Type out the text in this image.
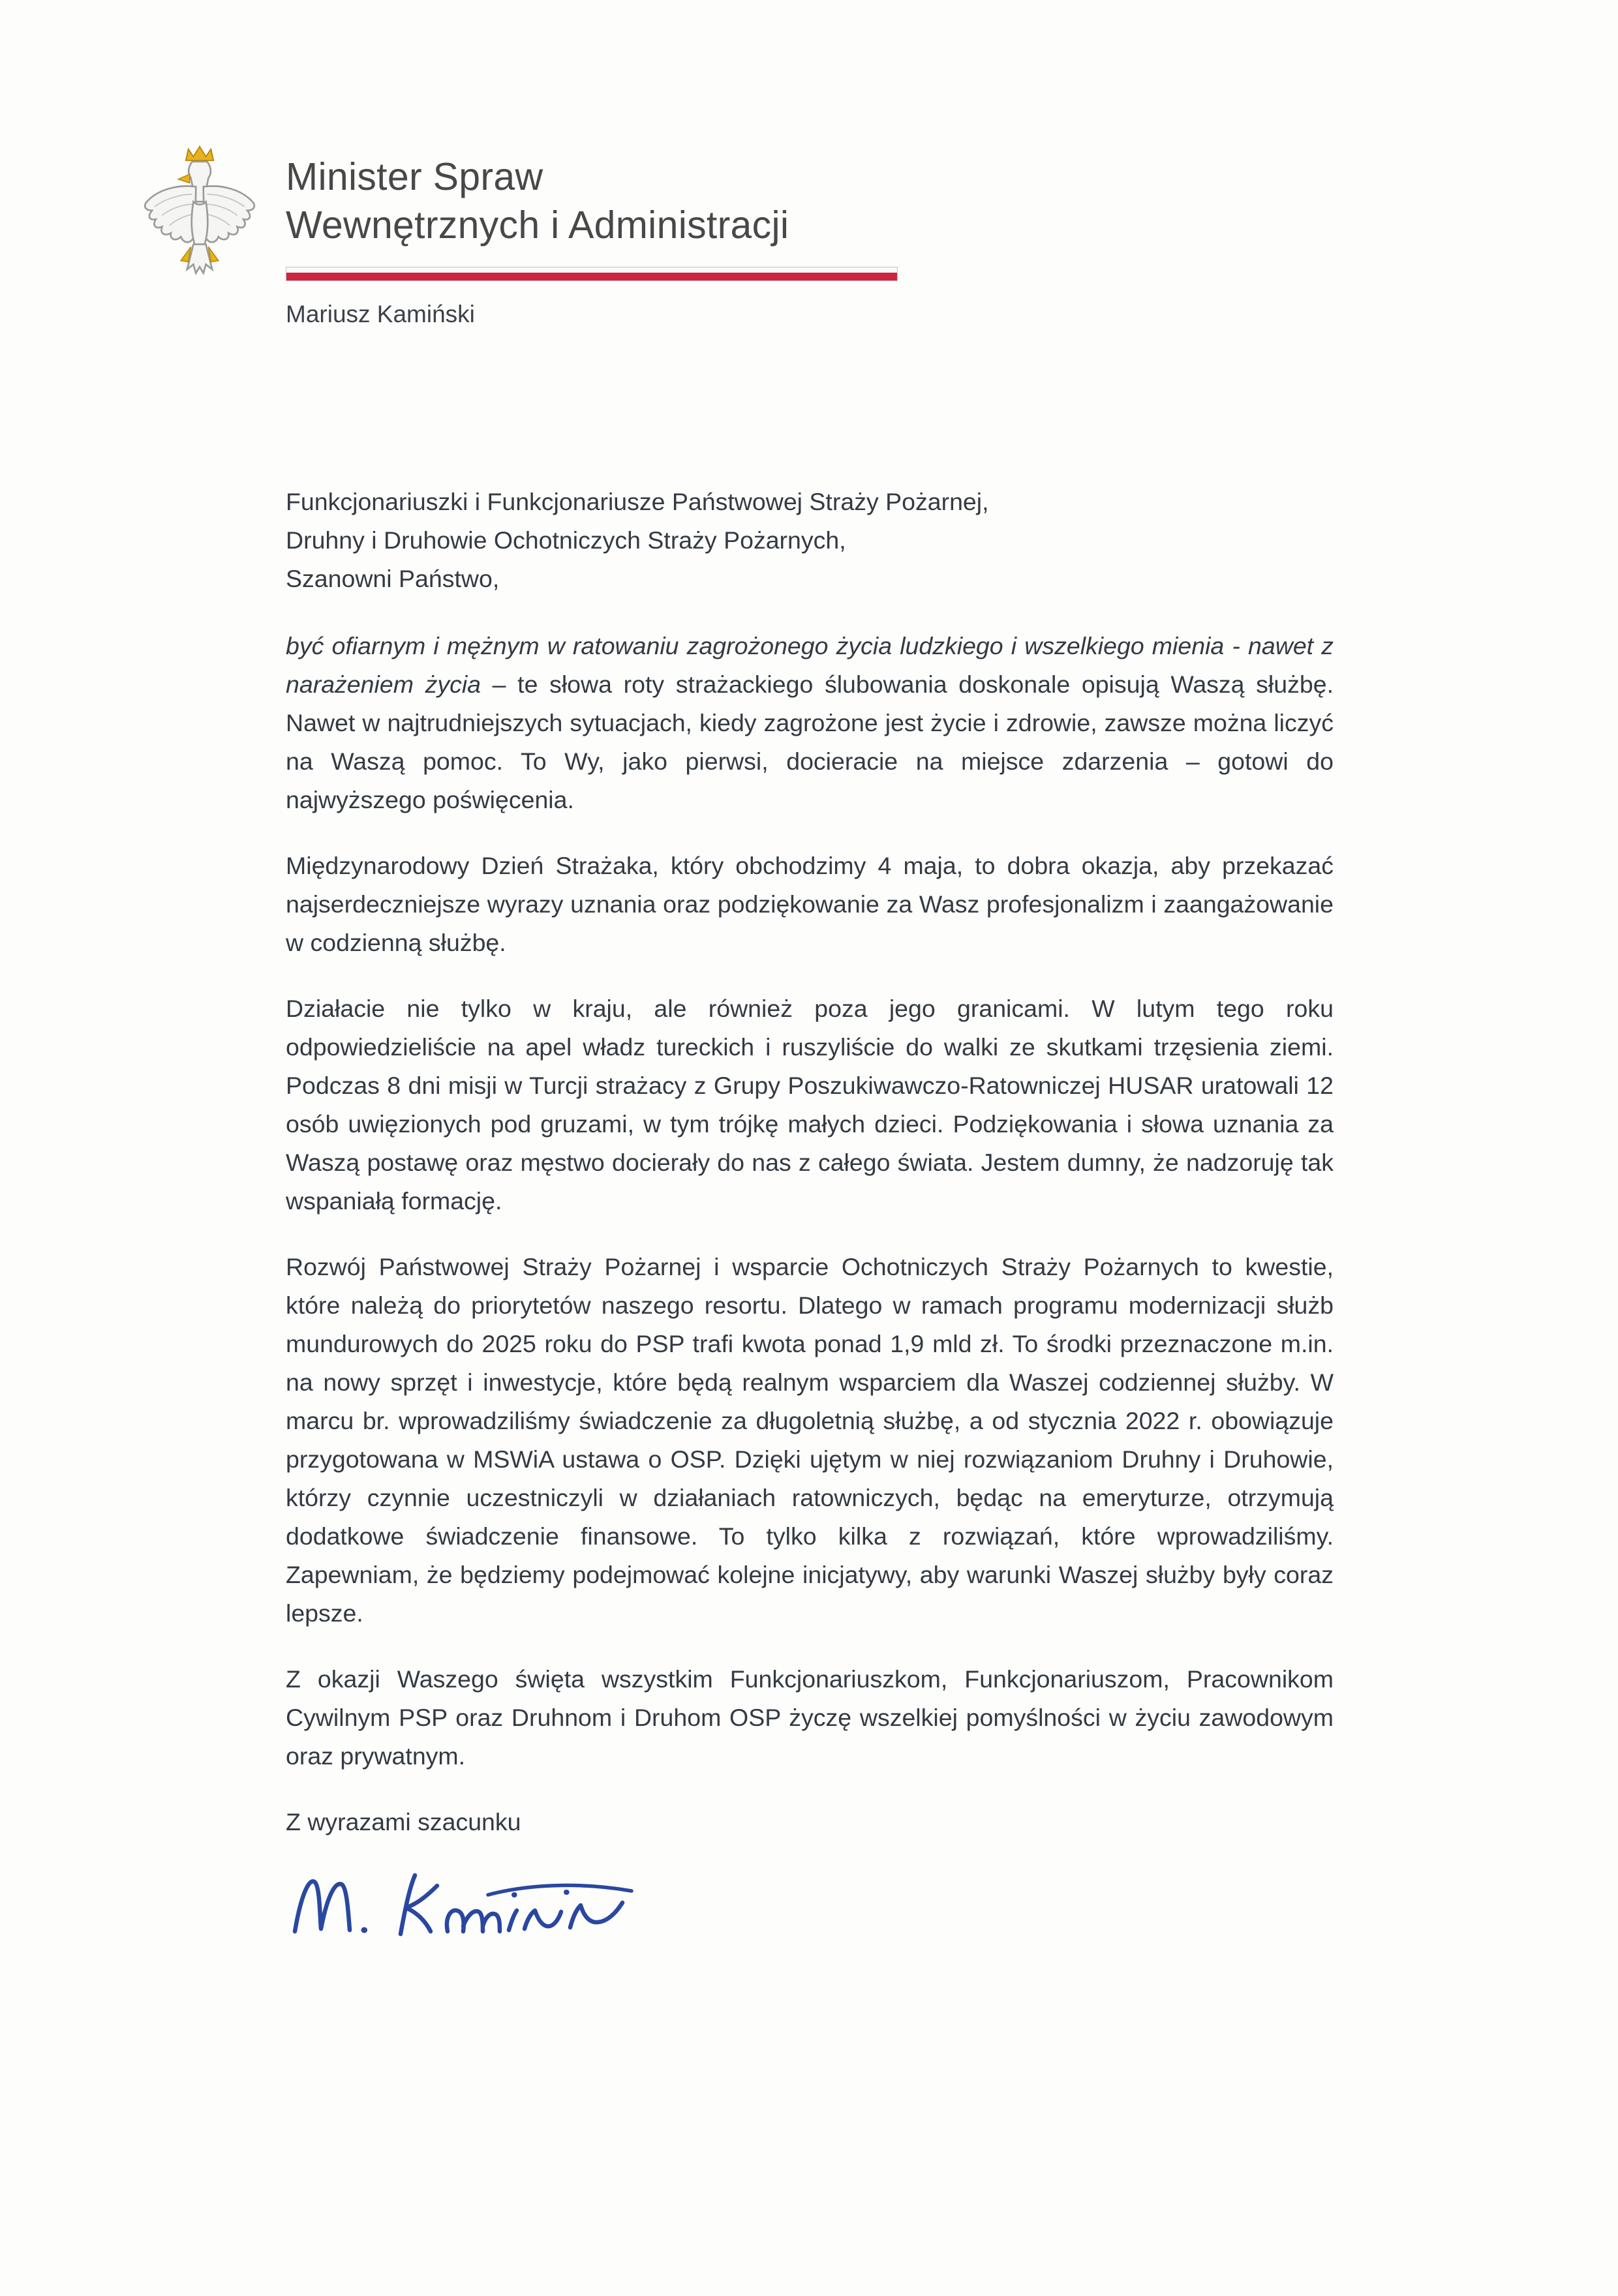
Minister Spraw
Wewnętrznych i Administracji
Mariusz Kamiński

Funkcjonariuszki i Funkcjonariusze Państwowej Straży Pożarnej,

Druhny i Druhowie Ochotniczych Straży Pożarnych,

Szanowni Państwo,

być ofiarnym i mężnym w ratowaniu zagrożonego życia ludzkiego i wszelkiego mienia - nawet z narażeniem życia – te słowa roty strażackiego ślubowania doskonale opisują Waszą służbę. Nawet w najtrudniejszych sytuacjach, kiedy zagrożone jest życie i zdrowie, zawsze można liczyć na Waszą pomoc. To Wy, jako pierwsi, docieracie na miejsce zdarzenia – gotowi do najwyższego poświęcenia.

Międzynarodowy Dzień Strażaka, który obchodzimy 4 maja, to dobra okazja, aby przekazać najserdeczniejsze wyrazy uznania oraz podziękowanie za Wasz profesjonalizm i zaangażowanie w codzienną służbę.

Działacie nie tylko w kraju, ale również poza jego granicami. W lutym tego roku odpowiedzieliście na apel władz tureckich i ruszyliście do walki ze skutkami trzęsienia ziemi. Podczas 8 dni misji w Turcji strażacy z Grupy Poszukiwawczo-Ratowniczej HUSAR uratowali 12 osób uwięzionych pod gruzami, w tym trójkę małych dzieci. Podziękowania i słowa uznania za Waszą postawę oraz męstwo docierały do nas z całego świata. Jestem dumny, że nadzoruję tak wspaniałą formację.

Rozwój Państwowej Straży Pożarnej i wsparcie Ochotniczych Straży Pożarnych to kwestie, które należą do priorytetów naszego resortu. Dlatego w ramach programu modernizacji służb mundurowych do 2025 roku do PSP trafi kwota ponad 1,9 mld zł. To środki przeznaczone m.in. na nowy sprzęt i inwestycje, które będą realnym wsparciem dla Waszej codziennej służby. W marcu br. wprowadziliśmy świadczenie za długoletnią służbę, a od stycznia 2022 r. obowiązuje przygotowana w MSWiA ustawa o OSP. Dzięki ujętym w niej rozwiązaniom Druhny i Druhowie, którzy czynnie uczestniczyli w działaniach ratowniczych, będąc na emeryturze, otrzymują dodatkowe świadczenie finansowe. To tylko kilka z rozwiązań, które wprowadziliśmy. Zapewniam, że będziemy podejmować kolejne inicjatywy, aby warunki Waszej służby były coraz lepsze.

Z okazji Waszego święta wszystkim Funkcjonariuszkom, Funkcjonariuszom, Pracownikom Cywilnym PSP oraz Druhnom i Druhom OSP życzę wszelkiej pomyślności w życiu zawodowym oraz prywatnym.

Z wyrazami szacunku
